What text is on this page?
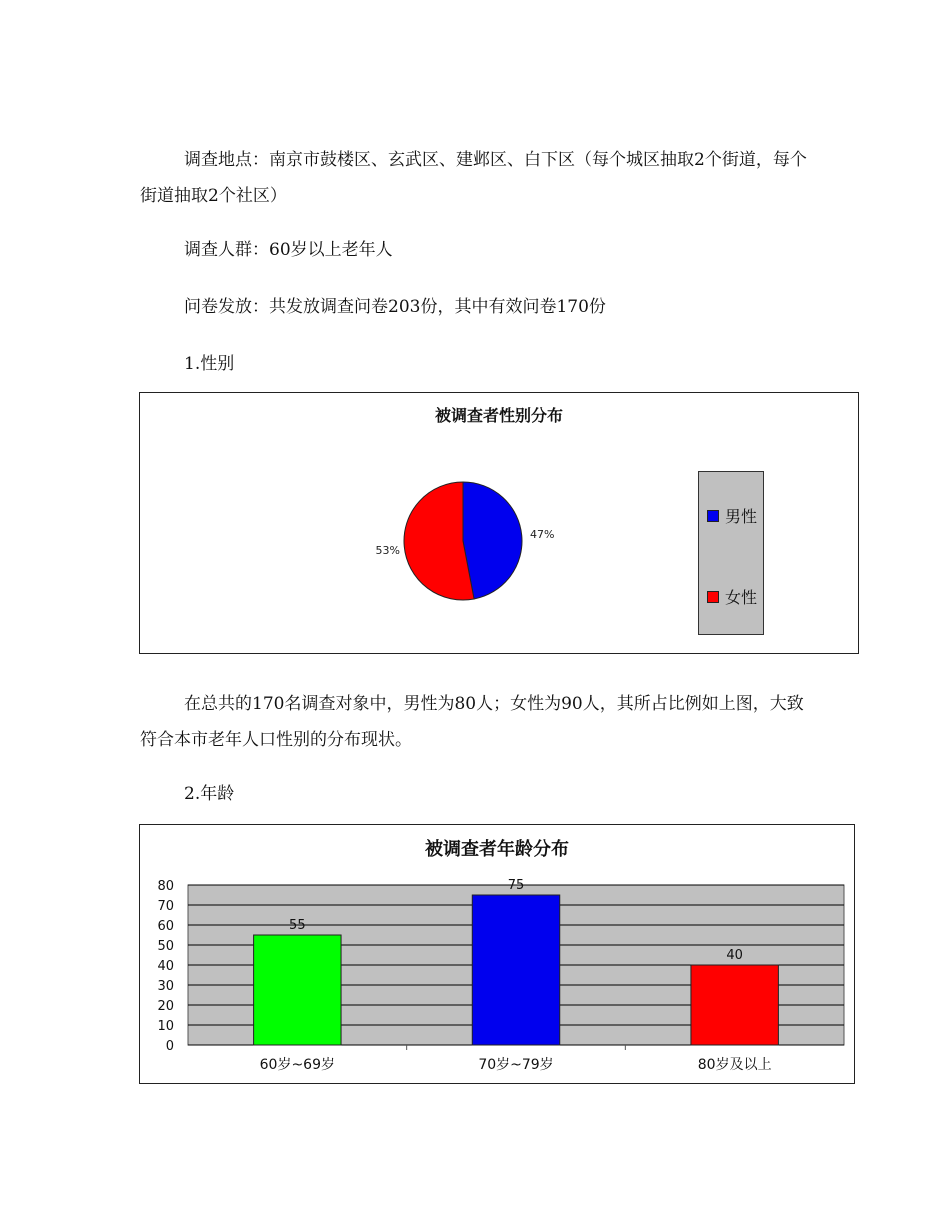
调查地点：南京市鼓楼区、玄武区、建邺区、白下区（每个城区抽取2个街道，每个街道抽取2个社区）

调查人群：60岁以上老年人

问卷发放：共发放调查问卷203份，其中有效问卷170份

1.性别
被调查者性别分布
47%
53%
男性
女性

在总共的170名调查对象中，男性为80人；女性为90人，其所占比例如上图，大致符合本市老年人口性别的分布现状。

2.年龄
被调查者年龄分布
0
10
20
30
40
50
60
70
80
55
60岁~69岁
75
70岁~79岁
40
80岁及以上
